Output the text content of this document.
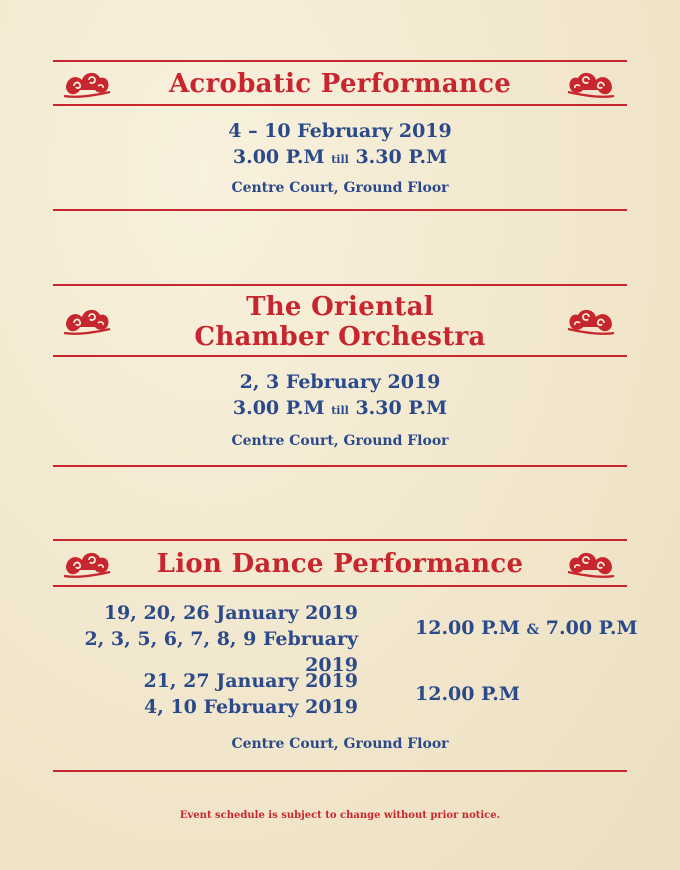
Acrobatic Performance
4 – 10 February 2019
3.00 P.M till 3.30 P.M
Centre Court, Ground Floor
The Oriental
Chamber Orchestra
2, 3 February 2019
3.00 P.M till 3.30 P.M
Centre Court, Ground Floor
Lion Dance Performance
19, 20, 26 January 2019
2, 3, 5, 6, 7, 8, 9 February 2019
12.00 P.M & 7.00 P.M
21, 27 January 2019
4, 10 February 2019
12.00 P.M
Centre Court, Ground Floor
Event schedule is subject to change without prior notice.
